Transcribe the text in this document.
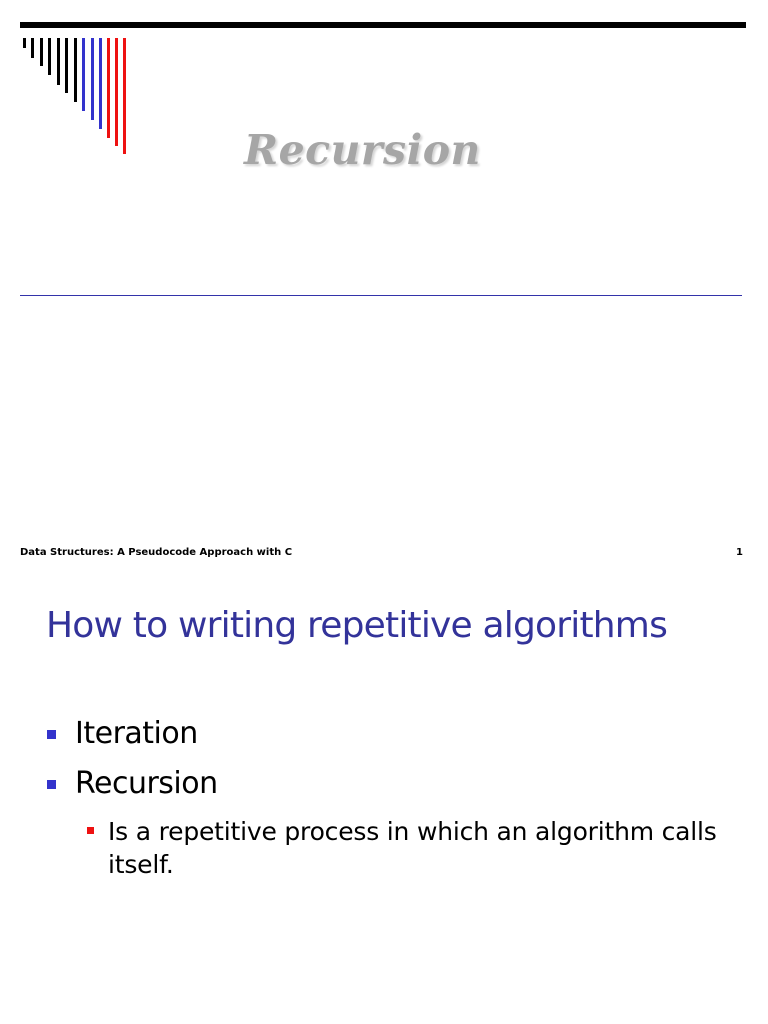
Recursion
Data Structures: A Pseudocode Approach with C	1
How to writing repetitive algorithms
Iteration
Recursion
Is a repetitive process in which an algorithm calls itself.
